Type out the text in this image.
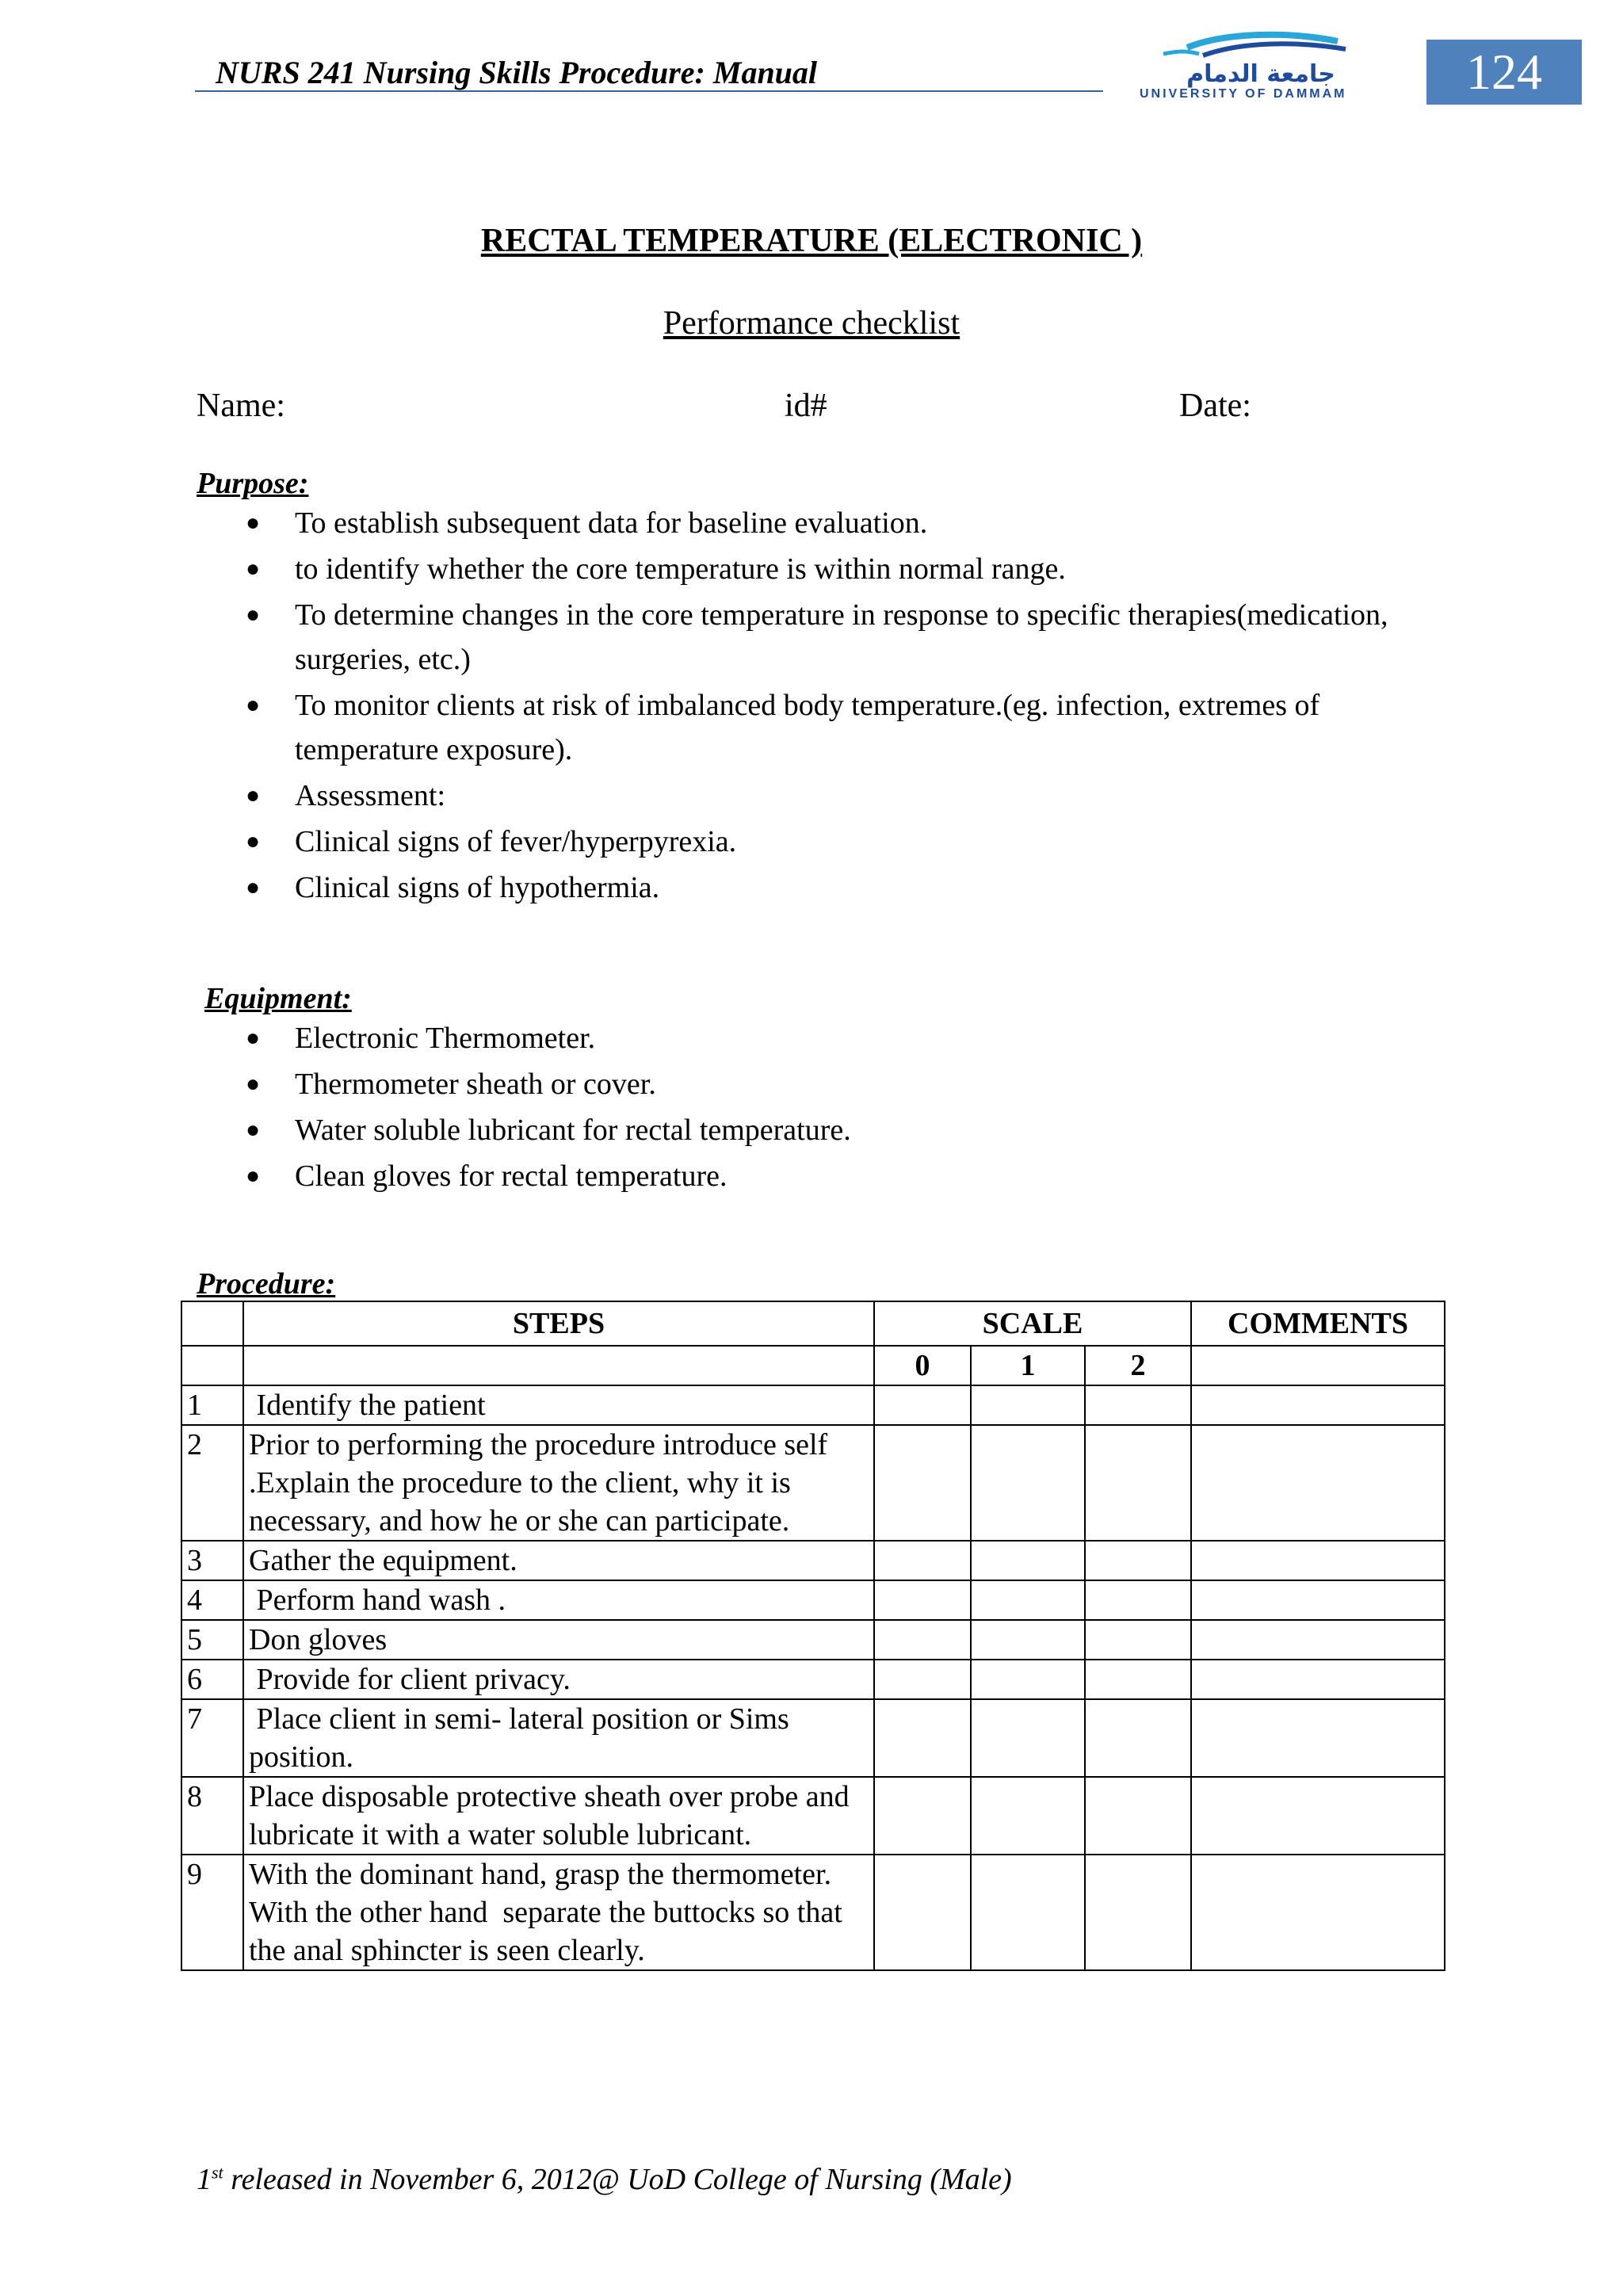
NURS 241 Nursing Skills Procedure: Manual	جامعة الدمام
UNIVERSITY OF DAMMAM 124
RECTAL TEMPERATURE (ELECTRONIC )
Performance checklist
Name:	id#	Date:
Purpose:
●	To establish subsequent data for baseline evaluation.
●	to identify whether the core temperature is within normal range.
●	To determine changes in the core temperature in response to specific therapies(medication, surgeries, etc.)
●	To monitor clients at risk of imbalanced body temperature.(eg. infection, extremes of temperature exposure).
●	Assessment:
●	Clinical signs of fever/hyperpyrexia.
●	Clinical signs of hypothermia.
Equipment:
●	Electronic Thermometer.
●	Thermometer sheath or cover.
●	Water soluble lubricant for rectal temperature.
●	Clean gloves for rectal temperature.
Procedure:
	STEPS	SCALE			COMMENTS
		0	1	2	
1	Identify the patient				
2	Prior to performing the procedure introduce self .Explain the procedure to the client, why it is necessary, and how he or she can participate.				
3	Gather the equipment.				
4	Perform hand wash .				
5	Don gloves				
6	Provide for client privacy.				
7	Place client in semi- lateral position or Sims position.				
8	Place disposable protective sheath over probe and lubricate it with a water soluble lubricant.				
9	With the dominant hand, grasp the thermometer. With the other hand  separate the buttocks so that the anal sphincter is seen clearly.				
1st released in November 6, 2012@ UoD College of Nursing (Male)
